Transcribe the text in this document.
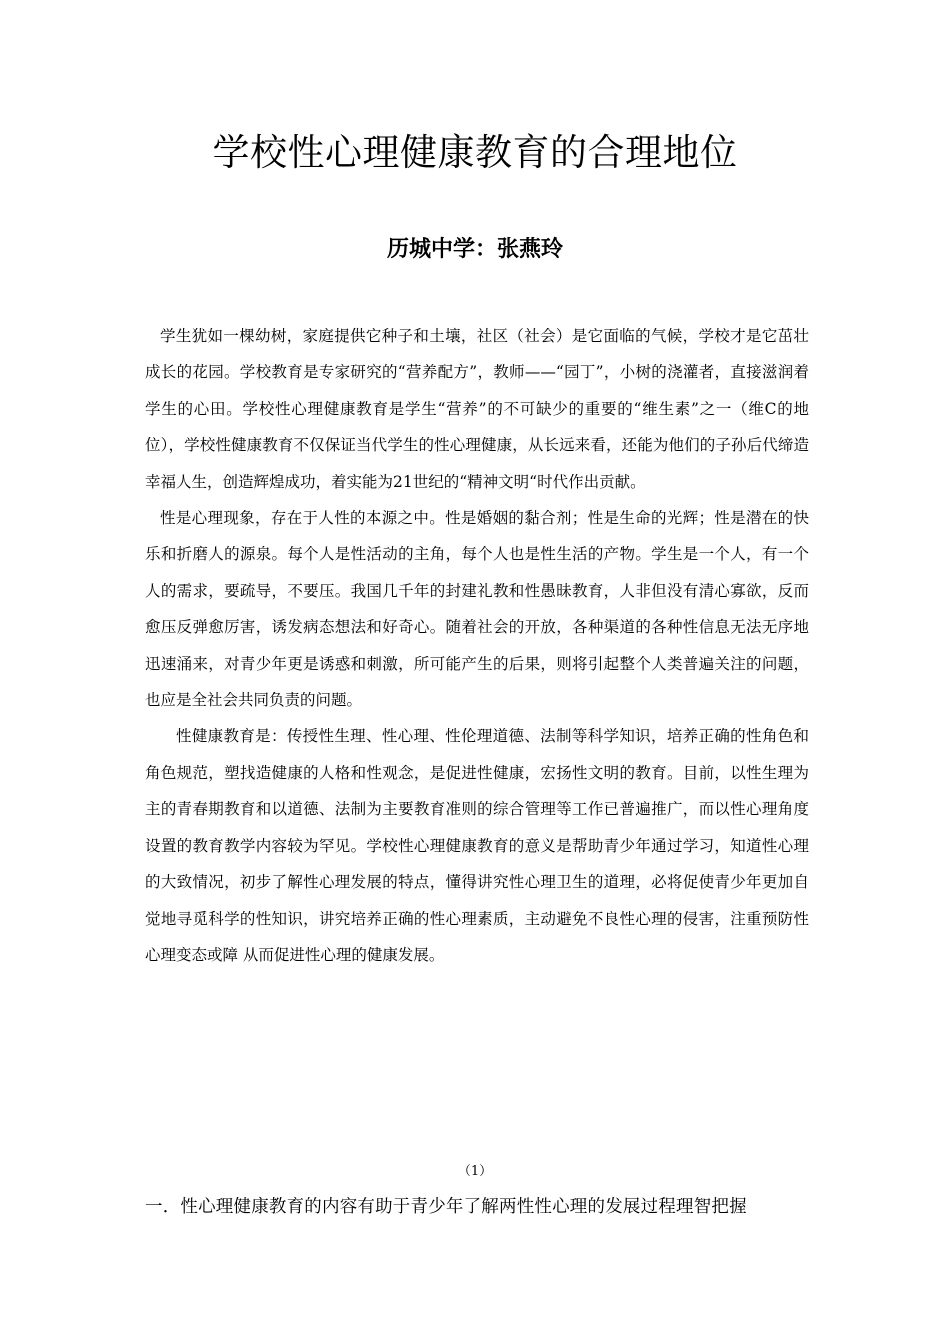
学校性心理健康教育的合理地位
历城中学：张燕玲

学生犹如一棵幼树，家庭提供它种子和土壤，社区（社会）是它面临的气候，学校才是它茁壮成长的花园。学校教育是专家研究的“营养配方”，教师——“园丁”，小树的浇灌者，直接滋润着学生的心田。学校性心理健康教育是学生“营养”的不可缺少的重要的“维生素”之一（维C的地位），学校性健康教育不仅保证当代学生的性心理健康，从长远来看，还能为他们的子孙后代缔造幸福人生，创造辉煌成功，着实能为21世纪的“精神文明“时代作出贡献。

性是心理现象，存在于人性的本源之中。性是婚姻的黏合剂；性是生命的光辉；性是潜在的快乐和折磨人的源泉。每个人是性活动的主角，每个人也是性生活的产物。学生是一个人，有一个人的需求，要疏导，不要压。我国几千年的封建礼教和性愚昧教育，人非但没有清心寡欲，反而愈压反弹愈厉害，诱发病态想法和好奇心。随着社会的开放，各种渠道的各种性信息无法无序地迅速涌来，对青少年更是诱惑和刺激，所可能产生的后果，则将引起整个人类普遍关注的问题，也应是全社会共同负责的问题。

性健康教育是：传授性生理、性心理、性伦理道德、法制等科学知识，培养正确的性角色和角色规范，塑找造健康的人格和性观念，是促进性健康，宏扬性文明的教育。目前，以性生理为主的青春期教育和以道德、法制为主要教育准则的综合管理等工作已普遍推广，而以性心理角度设置的教育教学内容较为罕见。学校性心理健康教育的意义是帮助青少年通过学习，知道性心理的大致情况，初步了解性心理发展的特点，懂得讲究性心理卫生的道理，必将促使青少年更加自觉地寻觅科学的性知识，讲究培养正确的性心理素质，主动避免不良性心理的侵害，注重预防性心理变态或障 从而促进性心理的健康发展。

（1）
一．性心理健康教育的内容有助于青少年了解两性性心理的发展过程理智把握
